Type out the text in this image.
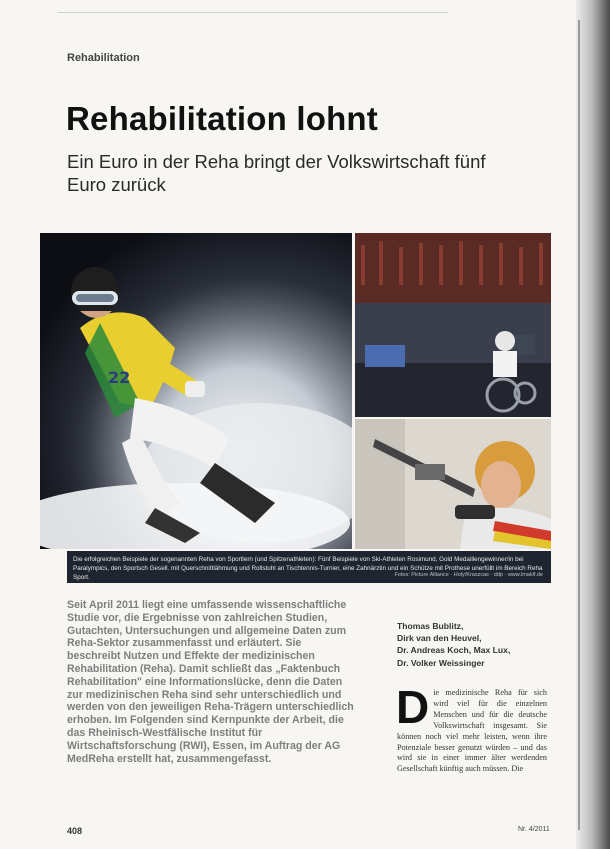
Rehabilitation
Rehabilitation lohnt
Ein Euro in der Reha bringt der Volkswirtschaft fünf Euro zurück
22
Die erfolgreichen Beispiele der sogenannten Reha von Sportlern (und Spitzenathleten): Fünf Beispiele von Ski-Athleten Rosimund, Gold Medaillengewinner/in bei Paralympics, den Sportsch Gesell. mit Querschnittlähmung und Rollstuhl an Tischtennis-Turnier, eine Zahnärztin und ein Schütze mit Prothese unerfüllt im Bereich Reha Sport.	Fotos: Picture Alliance · Holy/Kraszcas · ddp · www.lmaklf.de
Seit April 2011 liegt eine umfassende wissenschaftliche Studie vor, die Ergebnisse von zahlreichen Studien, Gutachten, Untersuchungen und allgemeine Daten zum Reha-Sektor zusammenfasst und erläutert. Sie beschreibt Nutzen und Effekte der medizinischen Rehabilitation (Reha). Damit schließt das „Faktenbuch Rehabilitation" eine Informationslücke, denn die Daten zur medizinischen Reha sind sehr unterschiedlich und werden von den jeweiligen Reha-Trägern unterschiedlich erhoben. Im Folgenden sind Kernpunkte der Arbeit, die das Rheinisch-Westfälische Institut für Wirtschaftsforschung (RWI), Essen, im Auftrag der AG MedReha erstellt hat, zusammengefasst.
Thomas Bublitz,
Dirk van den Heuvel,
Dr. Andreas Koch, Max Lux,
Dr. Volker Weissinger
D ie medizinische Reha für sich wird viel für die einzelnen Menschen und für die deutsche Volkswirtschaft insgesamt. Sie können noch viel mehr leisten, wenn ihre Potenziale besser genutzt würden – und das wird sie in einer immer älter werdenden Gesellschaft künftig auch müssen. Die
408	Nr. 4/2011
